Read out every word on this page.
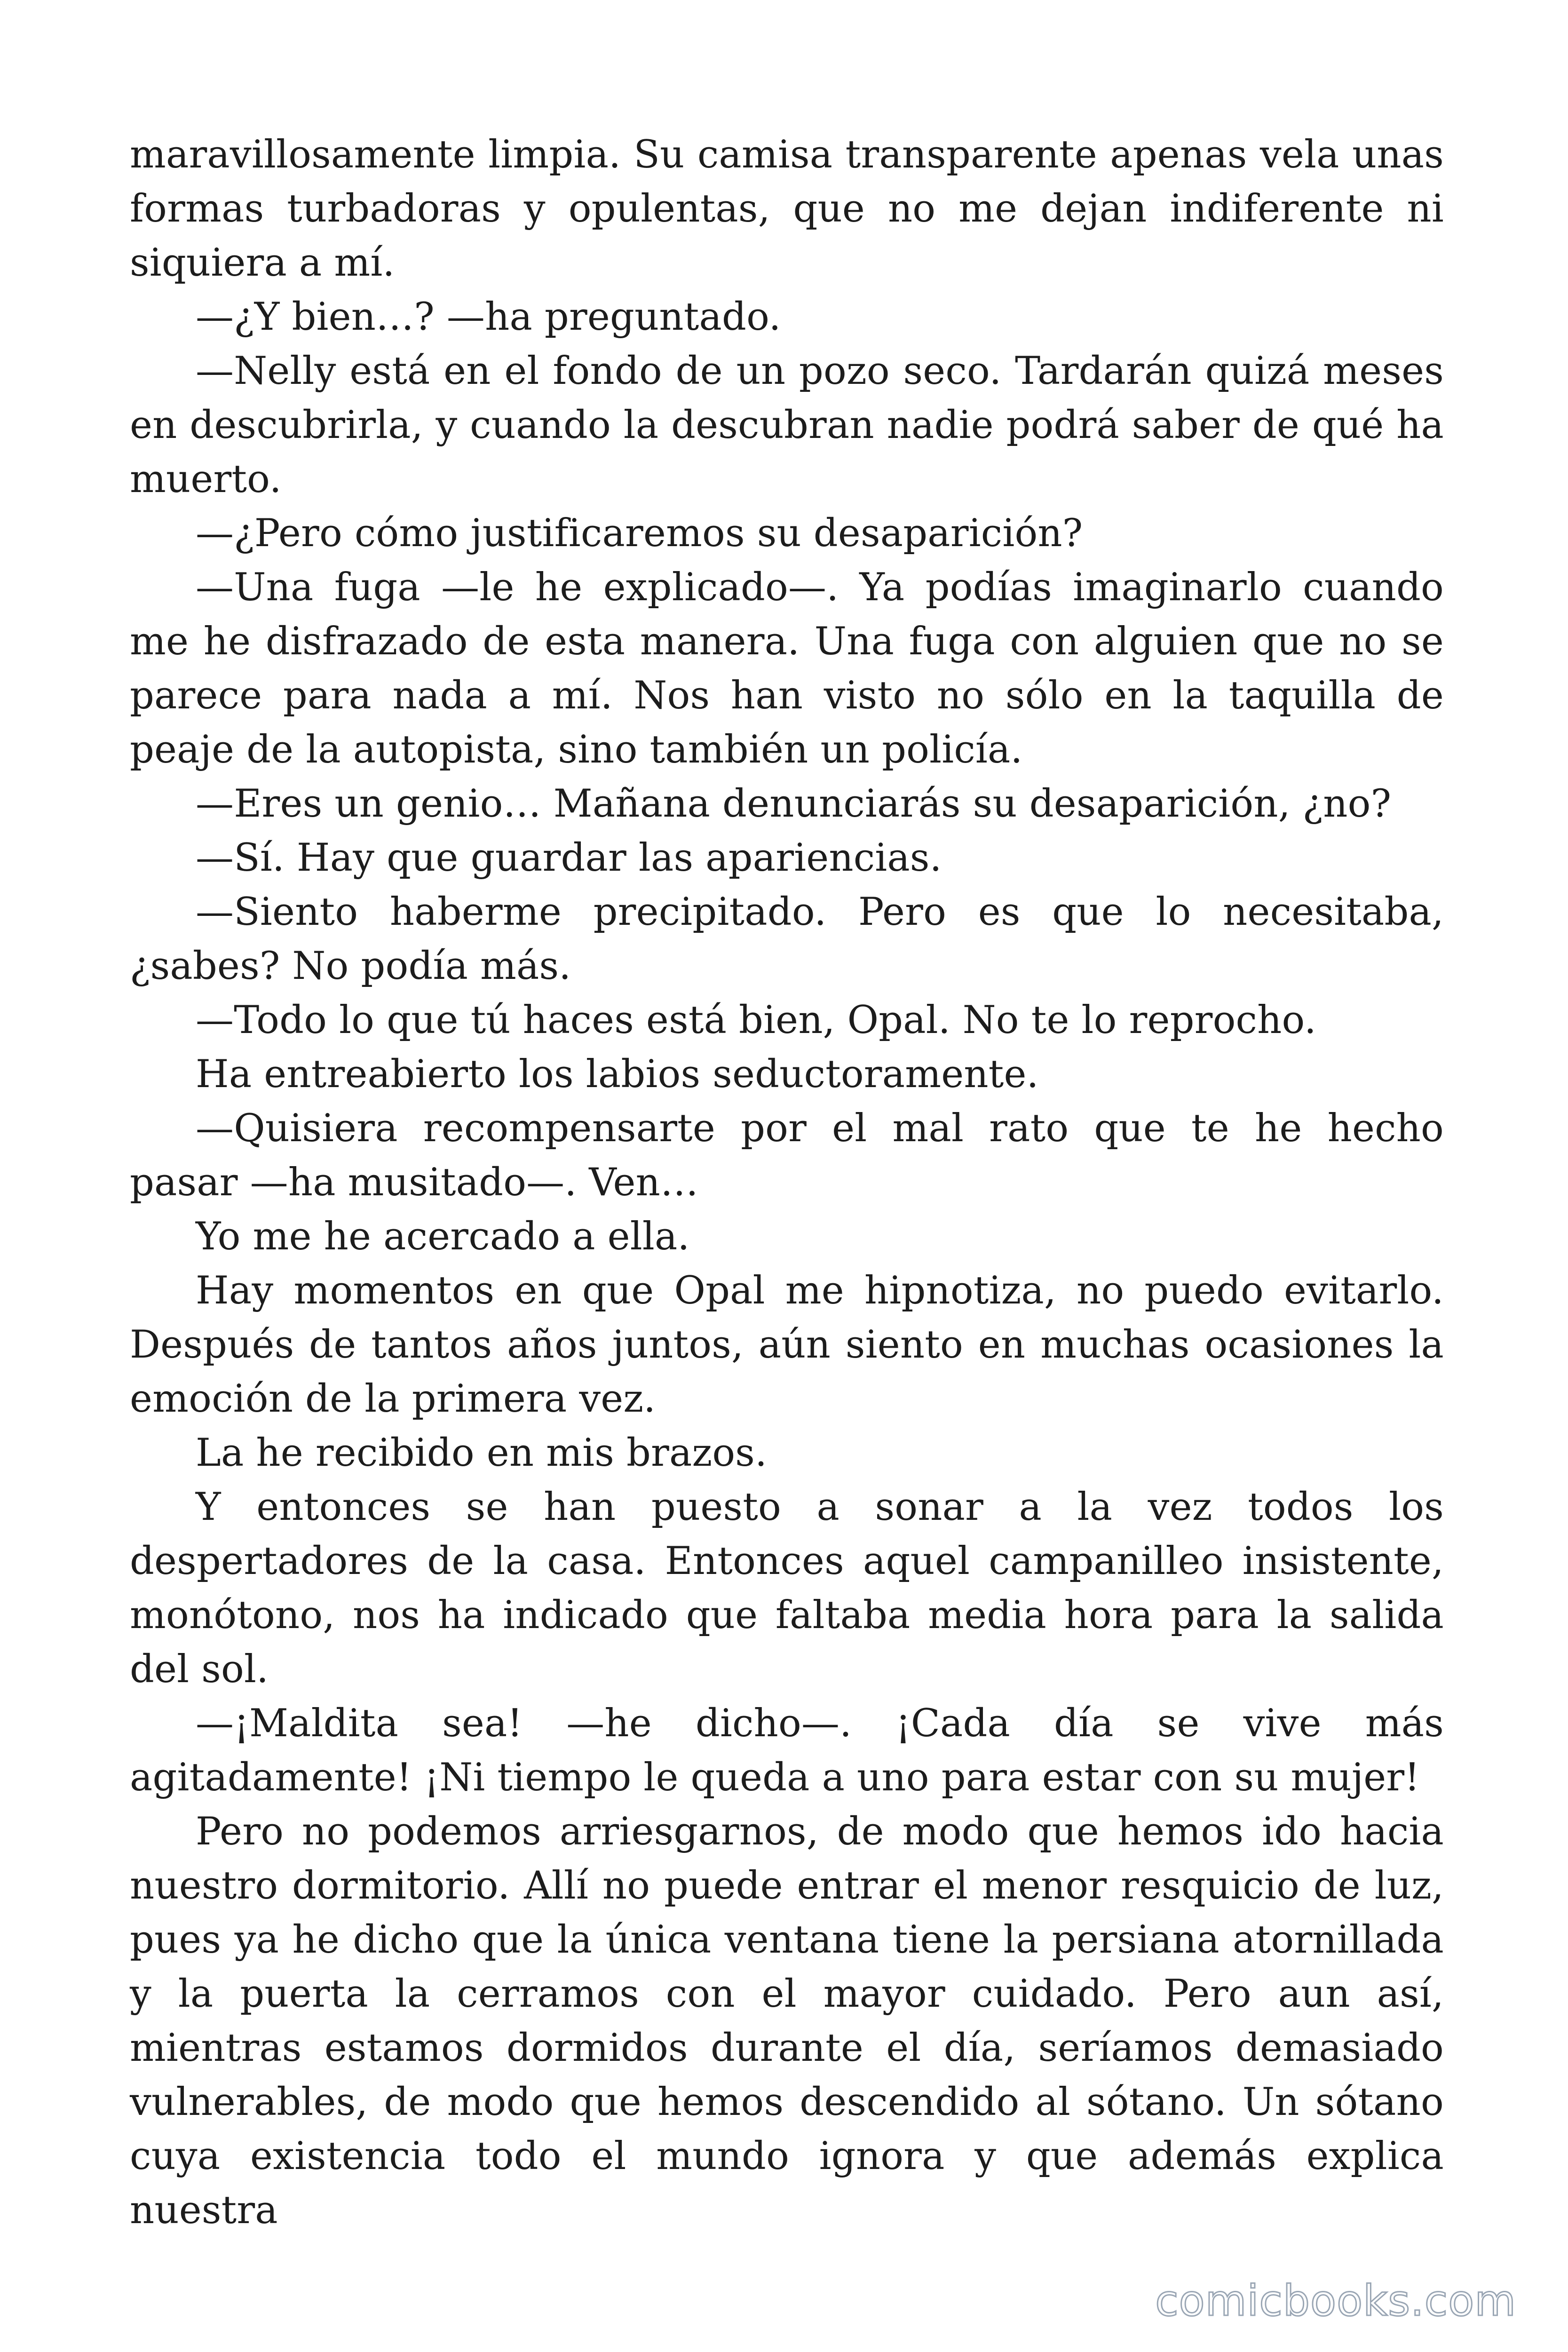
maravillosamente limpia. Su camisa transparente apenas vela unas formas turbadoras y opulentas, que no me dejan indiferente ni siquiera a mí.

—¿Y bien…? —ha preguntado.

—Nelly está en el fondo de un pozo seco. Tardarán quizá meses en descubrirla, y cuando la descubran nadie podrá saber de qué ha muerto.

—¿Pero cómo justificaremos su desaparición?

—Una fuga —le he explicado—. Ya podías imaginarlo cuando me he disfrazado de esta manera. Una fuga con alguien que no se parece para nada a mí. Nos han visto no sólo en la taquilla de peaje de la autopista, sino también un policía.

—Eres un genio… Mañana denunciarás su desaparición, ¿no?

—Sí. Hay que guardar las apariencias.

—Siento haberme precipitado. Pero es que lo necesitaba, ¿sabes? No podía más.

—Todo lo que tú haces está bien, Opal. No te lo reprocho.

Ha entreabierto los labios seductoramente.

—Quisiera recompensarte por el mal rato que te he hecho pasar —ha musitado—. Ven…

Yo me he acercado a ella.

Hay momentos en que Opal me hipnotiza, no puedo evitarlo. Después de tantos años juntos, aún siento en muchas ocasiones la emoción de la primera vez.

La he recibido en mis brazos.

Y entonces se han puesto a sonar a la vez todos los despertadores de la casa. Entonces aquel campanilleo insistente, monótono, nos ha indicado que faltaba media hora para la salida del sol.

—¡Maldita sea! —he dicho—. ¡Cada día se vive más agitadamente! ¡Ni tiempo le queda a uno para estar con su mujer!

Pero no podemos arriesgarnos, de modo que hemos ido hacia nuestro dormitorio. Allí no puede entrar el menor resquicio de luz, pues ya he dicho que la única ventana tiene la persiana atornillada y la puerta la cerramos con el mayor cuidado. Pero aun así, mientras estamos dormidos durante el día, seríamos demasiado vulnerables, de modo que hemos descendido al sótano. Un sótano cuya existencia todo el mundo ignora y que además explica nuestra

comicbooks.com
